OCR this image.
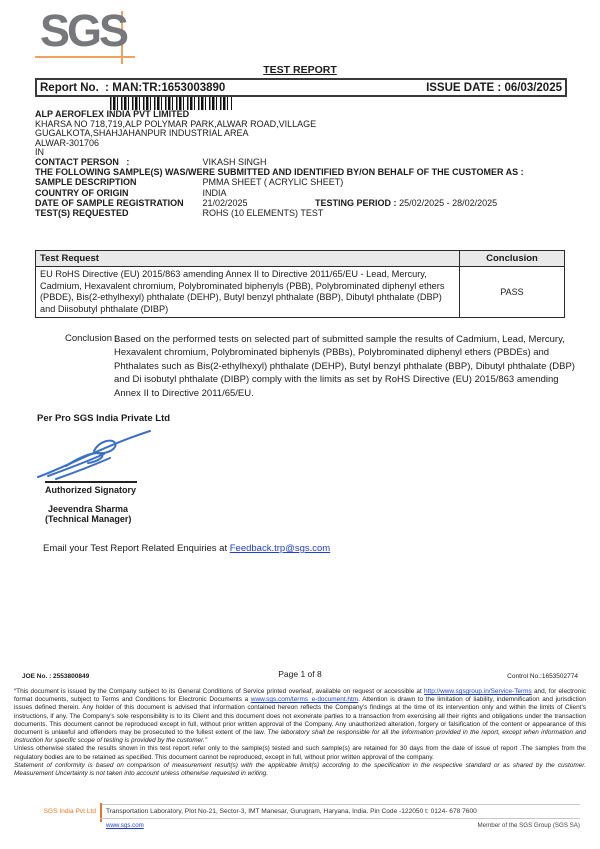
SGS
TEST REPORT
Report No.  : MAN:TR:1653003890	ISSUE DATE : 06/03/2025
ALP AEROFLEX INDIA PVT LIMITED
KHARSA NO 718,719,ALP POLYMAR PARK,ALWAR ROAD,VILLAGE
GUGALKOTA,SHAHJAHANPUR INDUSTRIAL AREA
ALWAR-301706
IN
CONTACT PERSON   :	VIKASH SINGH
THE FOLLOWING SAMPLE(S) WAS/WERE SUBMITTED AND IDENTIFIED BY/ON BEHALF OF THE CUSTOMER AS :
SAMPLE DESCRIPTION	PMMA SHEET ( ACRYLIC SHEET)
COUNTRY OF ORIGIN	INDIA
DATE OF SAMPLE REGISTRATION 21/02/2025	TESTING PERIOD : 25/02/2025 - 28/02/2025
TEST(S) REQUESTED	ROHS (10 ELEMENTS) TEST
Test Request	Conclusion
EU RoHS Directive (EU) 2015/863 amending Annex II to Directive 2011/65/EU - Lead, Mercury, Cadmium, Hexavalent chromium, Polybrominated biphenyls (PBB), Polybrominated diphenyl ethers (PBDE), Bis(2-ethylhexyl) phthalate (DEHP), Butyl benzyl phthalate (BBP), Dibutyl phthalate (DBP) and Diisobutyl phthalate (DIBP)	PASS
Conclusion :
Based on the performed tests on selected part of submitted sample the results of Cadmium, Lead, Mercury, Hexavalent chromium, Polybrominated biphenyls (PBBs), Polybrominated diphenyl ethers (PBDEs) and Phthalates such as Bis(2-ethylhexyl) phthalate (DEHP), Butyl benzyl phthalate (BBP), Dibutyl phthalate (DBP) and Di isobutyl phthalate (DIBP) comply with the limits as set by RoHS Directive (EU) 2015/863 amending Annex II to Directive 2011/65/EU.
Per Pro SGS India Private Ltd
Authorized Signatory
Jeevendra Sharma
(Technical Manager)
Email your Test Report Related Enquiries at Feedback.trp@sgs.com
JOE No. : 2553800849	Page 1 of 8	Control No.:1653502774
“This document is issued by the Company subject to its General Conditions of Service printed overleaf, available on request or accessible at http://www.sgsgroup.in/Service-Terms and, for electronic format documents, subject to Terms and Conditions for Electronic Documents a www.sgs.com/terms_e-document.htm. Attention is drawn to the limitation of liability, indemnification and jurisdiction issues defined therein. Any holder of this document is advised that information contained hereon reflects the Company’s findings at the time of its intervention only and within the limits of Client’s instructions, if any. The Company’s sole responsibility is to its Client and this document does not exonerate parties to a transaction from exercising all their rights and obligations under the transaction documents. This document cannot be reproduced except in full, without prior written approval of the Company. Any unauthorized alteration, forgery or falsification of the content or appearance of this document is unlawful and offenders may be prosecuted to the fullest extent of the law. The laboratory shall be responsible for all the information provided in the report, except when information and instruction for specific scope of testing is provided by the customer.”
Unless otherwise stated the results shown in this test report refer only to the sample(s) tested and such sample(s) are retained for 30 days from the date of issue of report .The samples from the regulatory bodies are to be retained as specified. This document cannot be reproduced, except in full, without prior written approval of the company.
Statement of conformity is based on comparison of measurement result(s) with the applicable limit(s) according to the specification in the respective standard or as shared by the customer. Measurement Uncertainty is not taken into account unless otherwise requested in writing.
SGS India Pvt Ltd Transportation Laboratory, Plot No-21, Sector-3, IMT Manesar, Gurugram, Haryana, India. Pin Code -122050 t: 0124- 678 7600
www.sgs.com	Member of the SGS Group (SGS SA)
